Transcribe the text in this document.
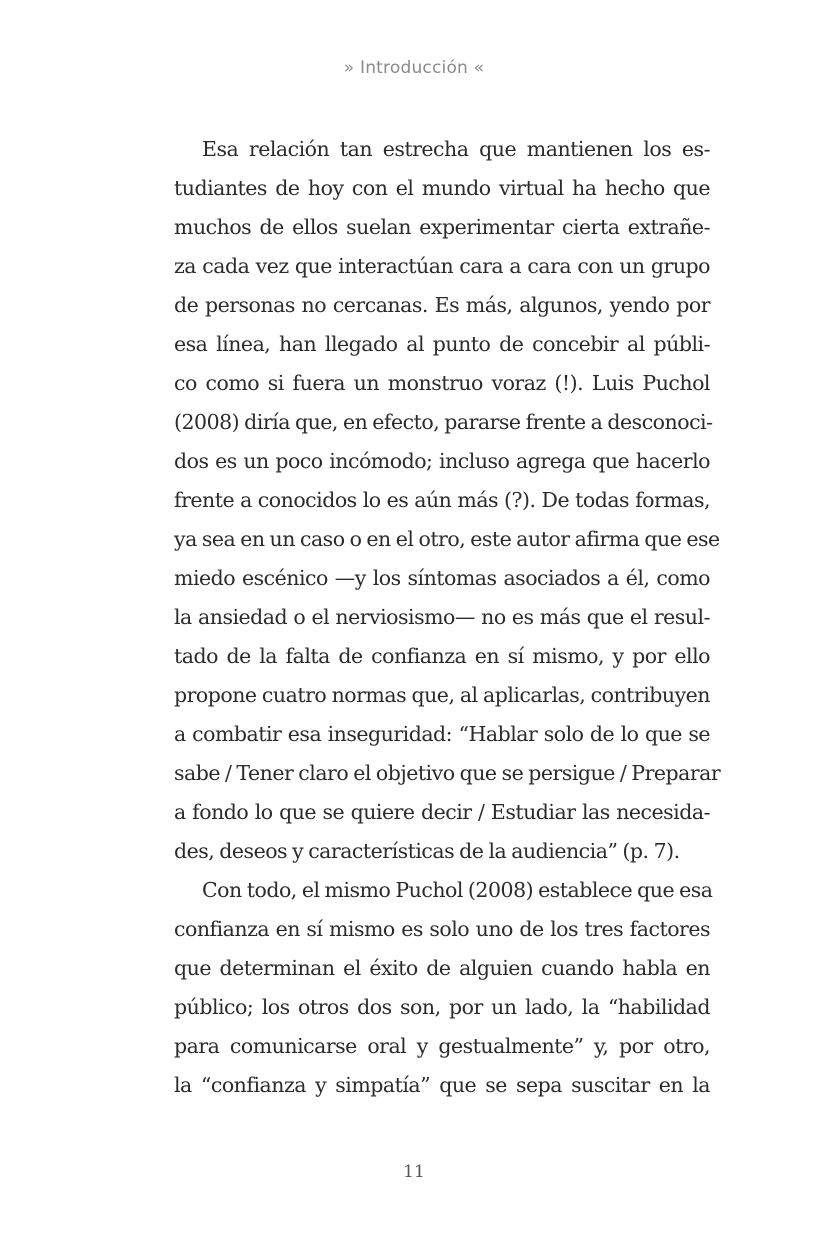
» Introducción «
Esa relación tan estrecha que mantienen los es-
tudiantes de hoy con el mundo virtual ha hecho que
muchos de ellos suelan experimentar cierta extrañe-
za cada vez que interactúan cara a cara con un grupo
de personas no cercanas. Es más, algunos, yendo por
esa línea, han llegado al punto de concebir al públi-
co como si fuera un monstruo voraz (!). Luis Puchol
(2008) diría que, en efecto, pararse frente a desconoci-
dos es un poco incómodo; incluso agrega que hacerlo
frente a conocidos lo es aún más (?). De todas formas,
ya sea en un caso o en el otro, este autor afirma que ese
miedo escénico —y los síntomas asociados a él, como
la ansiedad o el nerviosismo— no es más que el resul-
tado de la falta de confianza en sí mismo, y por ello
propone cuatro normas que, al aplicarlas, contribuyen
a combatir esa inseguridad: “Hablar solo de lo que se
sabe / Tener claro el objetivo que se persigue / Preparar
a fondo lo que se quiere decir / Estudiar las necesida-
des, deseos y características de la audiencia” (p. 7).
Con todo, el mismo Puchol (2008) establece que esa
confianza en sí mismo es solo uno de los tres factores
que determinan el éxito de alguien cuando habla en
público; los otros dos son, por un lado, la “habilidad
para comunicarse oral y gestualmente” y, por otro,
la “confianza y simpatía” que se sepa suscitar en la
11
